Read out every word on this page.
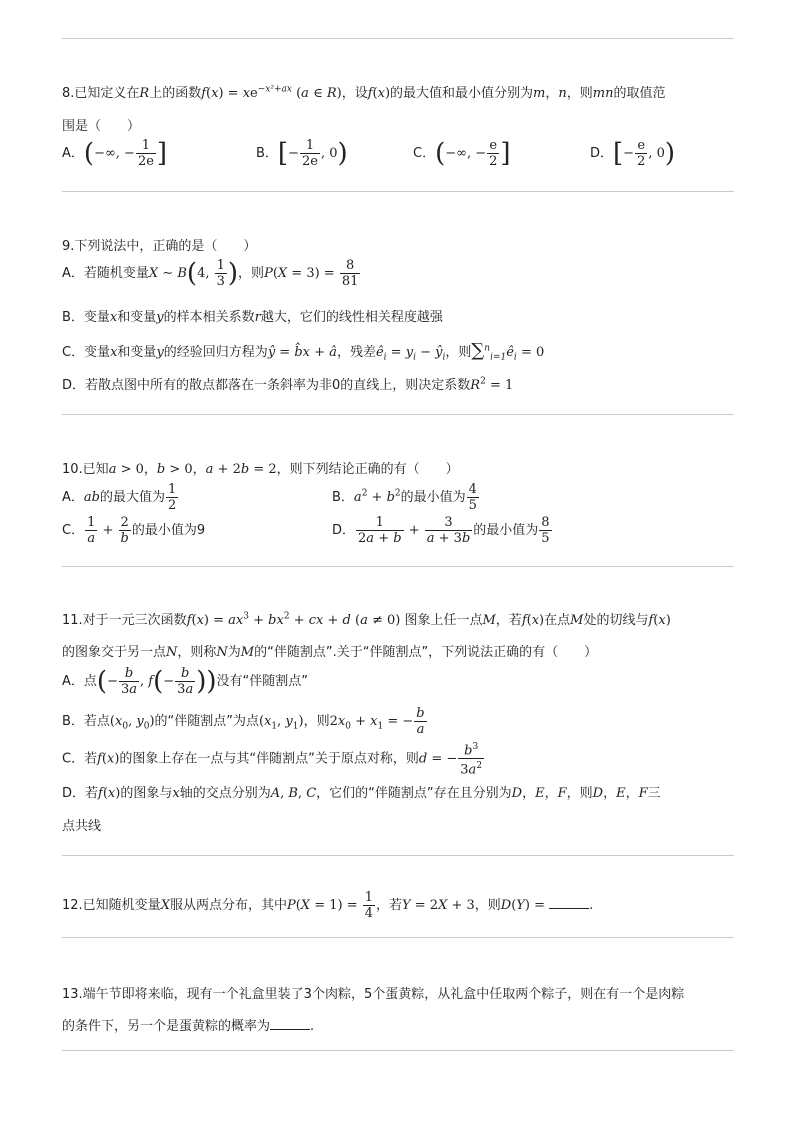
8.已知定义在R上的函数$f(x) = xe^{-x^2+ax}$ (a ∈ R)，设f(x)的最大值和最小值分别为m，n，则mn的取值范
围是（　　）
A．(−∞, − $\frac{1}{2e}$ ]	B．[− $\frac{1}{2e}$ , 0)	C．(−∞, − $\frac{e}{2}$ ]	D．[− $\frac{e}{2}$ , 0)
9.下列说法中，正确的是（　　）
A．若随机变量X ∼ B(4, $\frac{1}{3}$ )，则$P(X = 3) = \frac{8}{81}$
B．变量x和变量y的样本相关系数r越大，它们的线性相关程度越强
C．变量x和变量y的经验回归方程为ŷ = b̂x + â，残差$ê_i = y_i$ − $ŷ_i$，则$\sum^n_{i=1}ê_i = 0$
D．若散点图中所有的散点都落在一条斜率为非0的直线上，则决定系数$R^2 = 1$
10.已知a > 0，b > 0，a + 2b = 2，则下列结论正确的有（　　）
A．ab的最大值为 $\frac{1}{2}$	B．$a^2 + b^2$的最小值为 $\frac{4}{5}$
C． $\frac{1}{a} + \frac{2}{b}$ 的最小值为9	D． $\frac{1}{2a + b} + \frac{3}{a + 3b}$ 的最小值为 $\frac{8}{5}$
11.对于一元三次函数$f(x) = ax^3 + bx^2$ + cx + d (a ≠ 0) 图象上任一点M，若f(x)在点M处的切线与f(x)
的图象交于另一点N，则称N为M的“伴随割点”.关于“伴随割点”，下列说法正确的有（　　）
A．点(− $\frac{b}{3a}$ , $f(- \frac{b}{3a}$ ))没有“伴随割点”
B．若点($x_0$, $y_0$)的“伴随割点”为点($x_1$, $y_1$)，则$2x_0 + x_1$ = − $\frac{b}{a}$
C．若f(x)的图象上存在一点与其“伴随割点”关于原点对称，则d = − $\frac{b^3}{3a^2}$
D．若f(x)的图象与x轴的交点分别为A, B, C，它们的“伴随割点”存在且分别为D，E，F，则D，E，F三
点共线
12.已知随机变量X服从两点分布，其中$P(X = 1) = \frac{1}{4}$ ，若Y = 2X + 3，则D(Y) =	.
13.端午节即将来临，现有一个礼盒里装了3个肉粽，5个蛋黄粽，从礼盒中任取两个粽子，则在有一个是肉粽
的条件下，另一个是蛋黄粽的概率为	.
